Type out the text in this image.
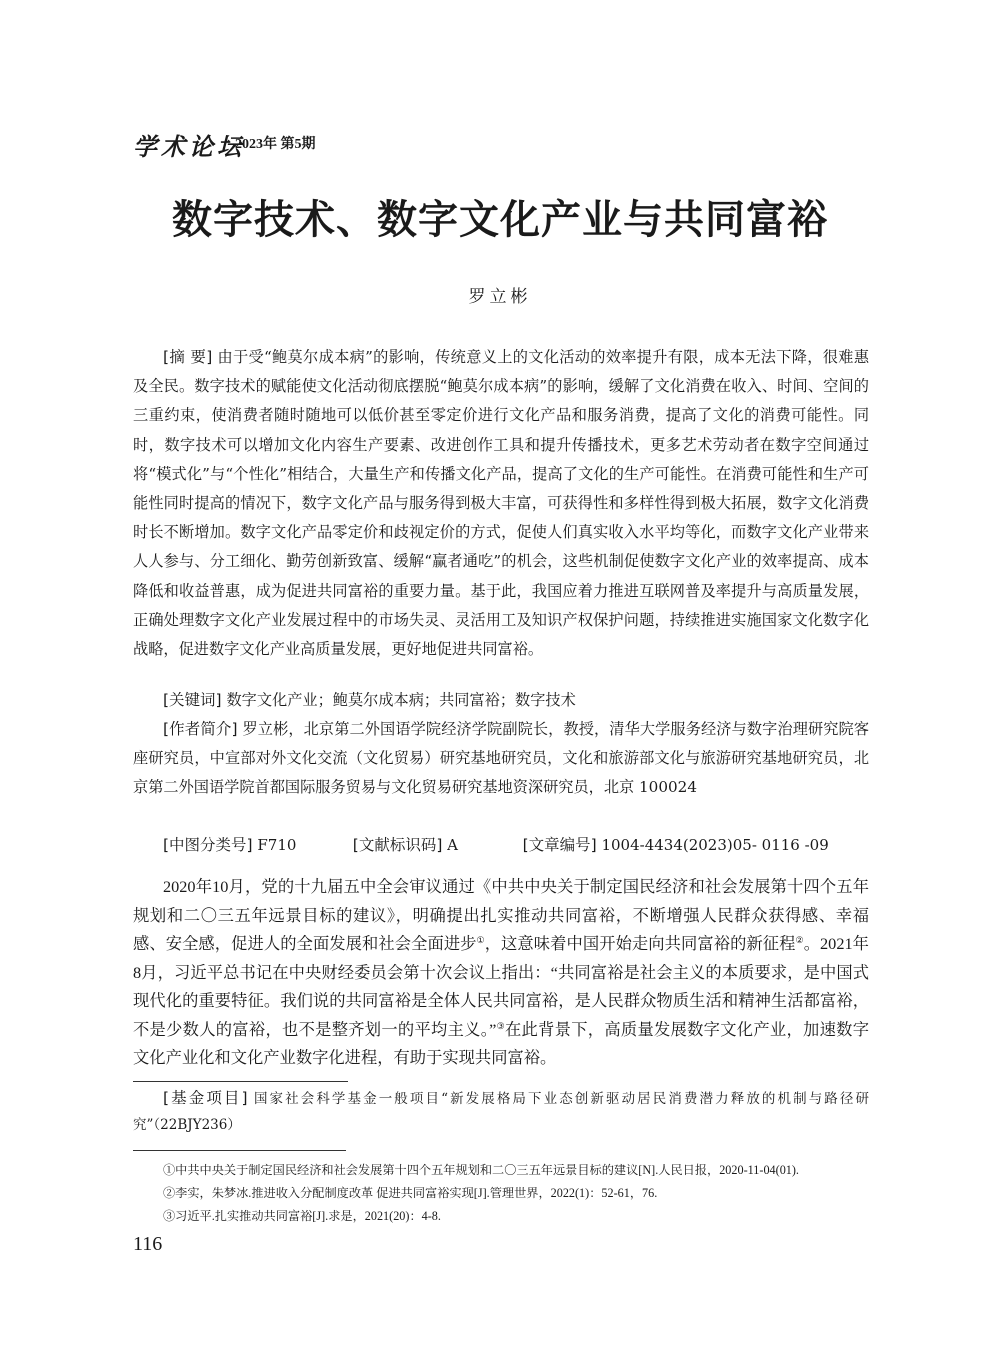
学术论坛
2023年 第5期
数字技术、数字文化产业与共同富裕
罗立彬
[摘 要] 由于受“鲍莫尔成本病”的影响，传统意义上的文化活动的效率提升有限，成本无法下降，很难惠及全民。数字技术的赋能使文化活动彻底摆脱“鲍莫尔成本病”的影响，缓解了文化消费在收入、时间、空间的三重约束，使消费者随时随地可以低价甚至零定价进行文化产品和服务消费，提高了文化的消费可能性。同时，数字技术可以增加文化内容生产要素、改进创作工具和提升传播技术，更多艺术劳动者在数字空间通过将“模式化”与“个性化”相结合，大量生产和传播文化产品，提高了文化的生产可能性。在消费可能性和生产可能性同时提高的情况下，数字文化产品与服务得到极大丰富，可获得性和多样性得到极大拓展，数字文化消费时长不断增加。数字文化产品零定价和歧视定价的方式，促使人们真实收入水平均等化，而数字文化产业带来人人参与、分工细化、勤劳创新致富、缓解“赢者通吃”的机会，这些机制促使数字文化产业的效率提高、成本降低和收益普惠，成为促进共同富裕的重要力量。基于此，我国应着力推进互联网普及率提升与高质量发展，正确处理数字文化产业发展过程中的市场失灵、灵活用工及知识产权保护问题，持续推进实施国家文化数字化战略，促进数字文化产业高质量发展，更好地促进共同富裕。
[关键词] 数字文化产业；鲍莫尔成本病；共同富裕；数字技术
[作者简介] 罗立彬，北京第二外国语学院经济学院副院长，教授，清华大学服务经济与数字治理研究院客座研究员，中宣部对外文化交流（文化贸易）研究基地研究员，文化和旅游部文化与旅游研究基地研究员，北京第二外国语学院首都国际服务贸易与文化贸易研究基地资深研究员，北京 100024
[中图分类号] F710	[文献标识码] A	[文章编号] 1004-4434(2023)05- 0116 -09
2020年10月，党的十九届五中全会审议通过《中共中央关于制定国民经济和社会发展第十四个五年规划和二〇三五年远景目标的建议》，明确提出扎实推动共同富裕，不断增强人民群众获得感、幸福感、安全感，促进人的全面发展和社会全面进步①，这意味着中国开始走向共同富裕的新征程②。2021年8月，习近平总书记在中央财经委员会第十次会议上指出：“共同富裕是社会主义的本质要求，是中国式现代化的重要特征。我们说的共同富裕是全体人民共同富裕，是人民群众物质生活和精神生活都富裕，不是少数人的富裕，也不是整齐划一的平均主义。”③在此背景下，高质量发展数字文化产业，加速数字文化产业化和文化产业数字化进程，有助于实现共同富裕。
[基金项目] 国家社会科学基金一般项目“新发展格局下业态创新驱动居民消费潜力释放的机制与路径研究”（22BJY236）
①中共中央关于制定国民经济和社会发展第十四个五年规划和二〇三五年远景目标的建议[N].人民日报，2020-11-04(01).
②李实，朱梦冰.推进收入分配制度改革 促进共同富裕实现[J].管理世界，2022(1)：52-61，76.
③习近平.扎实推动共同富裕[J].求是，2021(20)：4-8.
116
